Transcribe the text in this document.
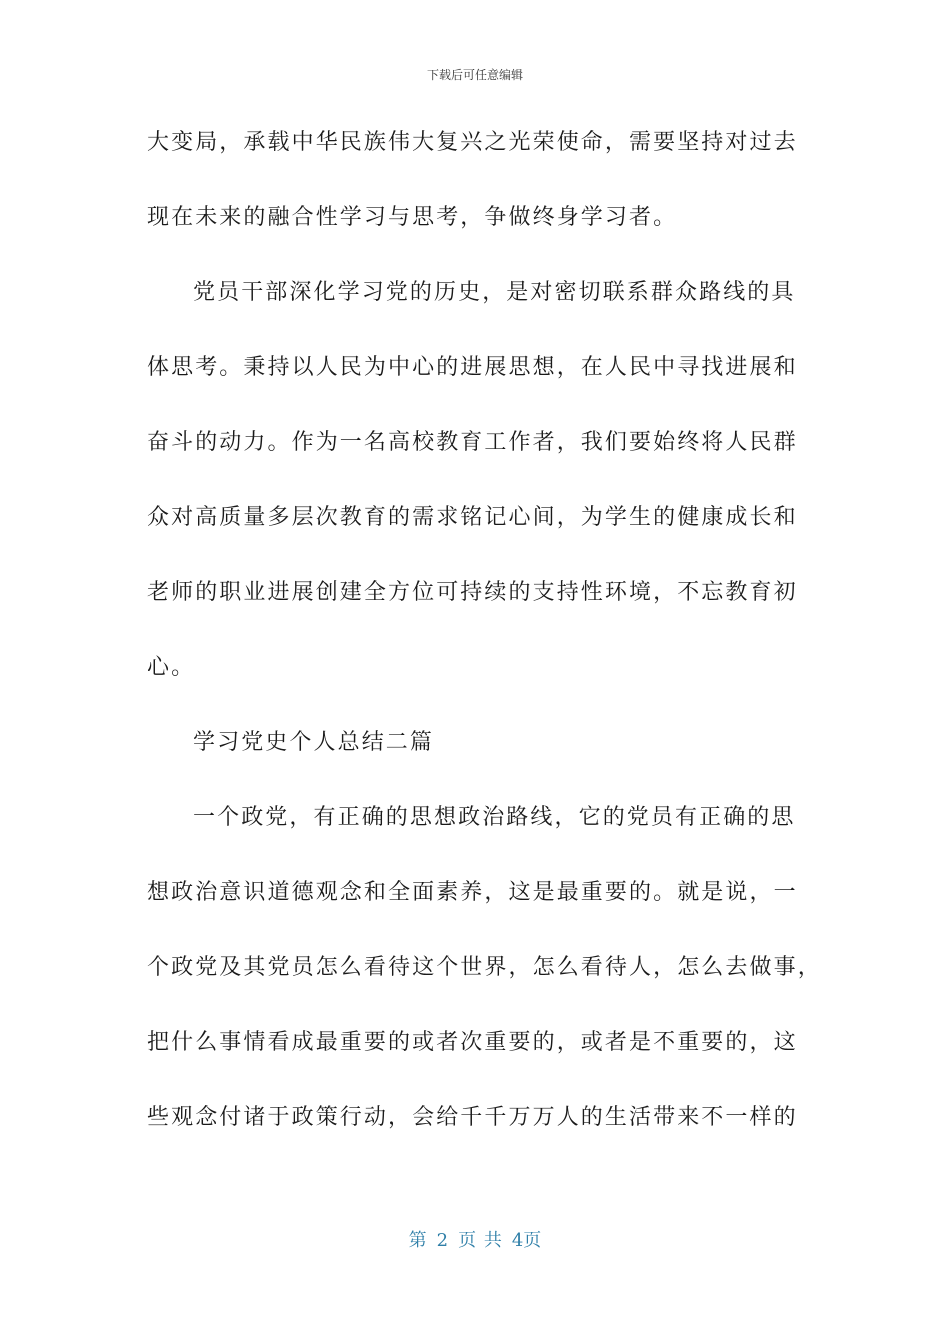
下载后可任意编辑
大变局，承载中华民族伟大复兴之光荣使命，需要坚持对过去
现在未来的融合性学习与思考，争做终身学习者。
党员干部深化学习党的历史，是对密切联系群众路线的具
体思考。秉持以人民为中心的进展思想，在人民中寻找进展和
奋斗的动力。作为一名高校教育工作者，我们要始终将人民群
众对高质量多层次教育的需求铭记心间，为学生的健康成长和
老师的职业进展创建全方位可持续的支持性环境，不忘教育初
心。
学习党史个人总结二篇
一个政党，有正确的思想政治路线，它的党员有正确的思
想政治意识道德观念和全面素养，这是最重要的。就是说，一
个政党及其党员怎么看待这个世界，怎么看待人，怎么去做事，
把什么事情看成最重要的或者次重要的，或者是不重要的，这
些观念付诸于政策行动，会给千千万万人的生活带来不一样的
第 2 页 共 4页
